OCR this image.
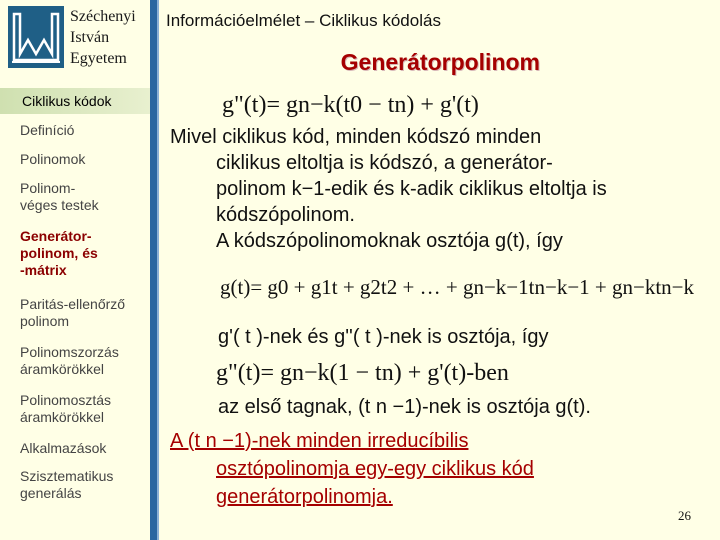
Széchenyi
István
Egyetem
Információelmélet – Ciklikus kódolás
Generátorpolinom
Ciklikus kódok
Definíció
Polinomok
Polinom-
véges testek
Generátor-
polinom, és
-mátrix
Paritás-ellenőrző
polinom
Polinomszorzás
áramkörökkel
Polinomosztás
áramkörökkel
Alkalmazások
Szisztematikus
generálás
g"(t)= gn−k(t0 − tn) + g'(t)
Mivel ciklikus kód, minden kódszó minden
ciklikus eltoltja is kódszó, a generátor-
polinom k−1-edik és k-adik ciklikus eltoltja is
kódszópolinom.
A kódszópolinomoknak osztója g(t), így
g'( t )-nek és g''( t )-nek is osztója, így
az első tagnak, (t n −1)-nek is osztója g(t).
A (t n −1)-nek minden irreducíbilis
osztópolinomja egy-egy ciklikus kód
generátorpolinomja.
g(t)= g0 + g1t + g2t2 + … + gn−k−1tn−k−1 + gn−ktn−k
g"(t)= gn−k(1 − tn) + g'(t)-ben
26
